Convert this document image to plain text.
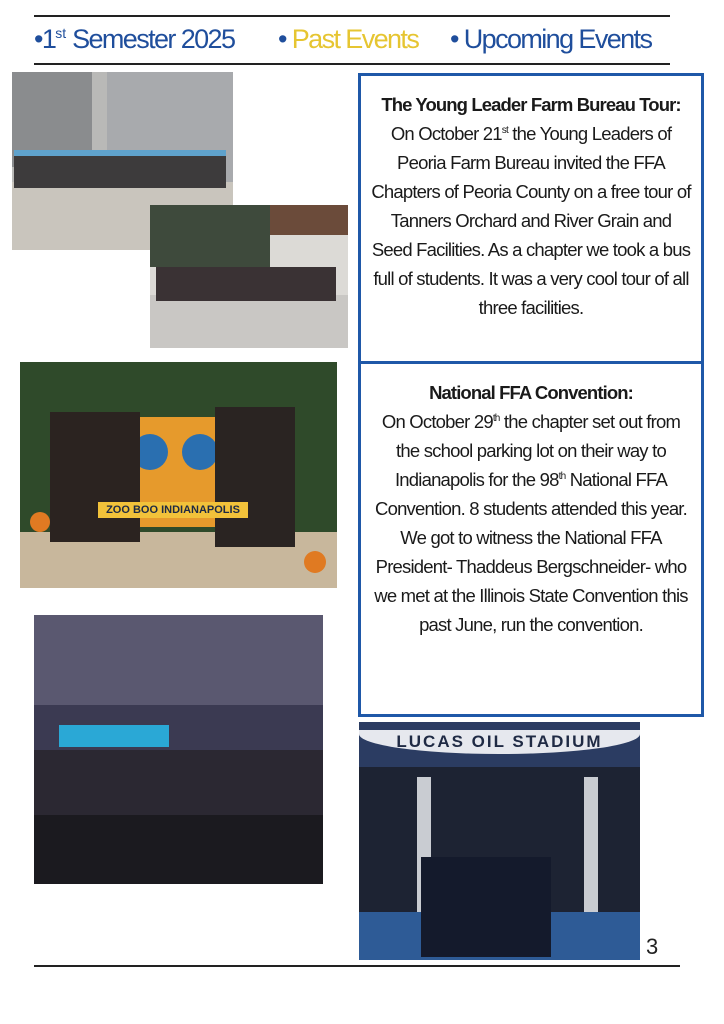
•1st Semester 2025 • Past Events • Upcoming Events
ZOO BOO INDIANAPOLIS
LUCAS OIL STADIUM
The Young Leader Farm Bureau Tour:
On October 21st the Young Leaders of Peoria Farm Bureau invited the FFA Chapters of Peoria County on a free tour of Tanners Orchard and River Grain and Seed Facilities. As a chapter we took a bus full of students. It was a very cool tour of all three facilities.
National FFA Convention:
On October 29th the chapter set out from the school parking lot on their way to Indianapolis for the 98th National FFA Convention. 8 students attended this year. We got to witness the National FFA President- Thaddeus Bergschneider- who we met at the Illinois State Convention this past June, run the convention.
3
